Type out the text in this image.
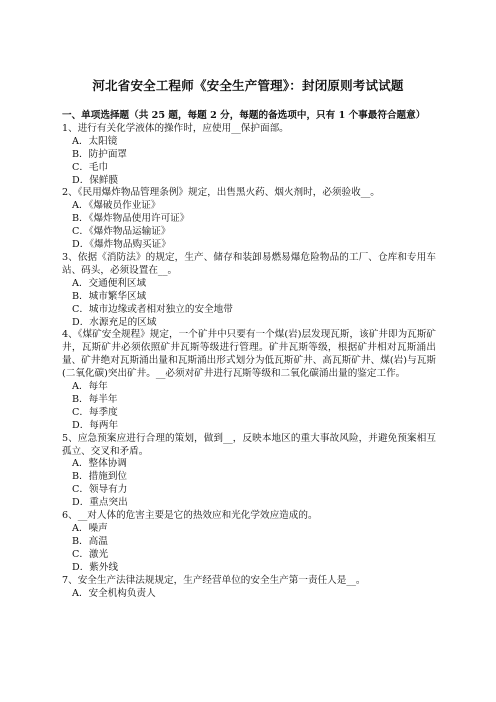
河北省安全工程师《安全生产管理》：封闭原则考试试题
一、单项选择题（共 25 题，每题 2 分，每题的备选项中，只有 1 个事最符合题意）
1、进行有关化学液体的操作时，应使用__保护面部。
A．太阳镜
B．防护面罩
C．毛巾
D．保鲜膜
2、《民用爆炸物品管理条例》规定，出售黑火药、烟火剂时，必须验收__。
A．《爆破员作业证》
B．《爆炸物品使用许可证》
C．《爆炸物品运输证》
D．《爆炸物品购买证》
3、依据《消防法》的规定，生产、储存和装卸易燃易爆危险物品的工厂、仓库和专用车站、码头，必须设置在__。
A．交通便利区域
B．城市繁华区域
C．城市边缘或者相对独立的安全地带
D．水源充足的区域
4、《煤矿安全规程》规定，一个矿井中只要有一个煤(岩)层发现瓦斯，该矿井即为瓦斯矿井，瓦斯矿井必须依照矿井瓦斯等级进行管理。矿井瓦斯等级，根据矿井相对瓦斯涌出量、矿井绝对瓦斯涌出量和瓦斯涌出形式划分为低瓦斯矿井、高瓦斯矿井、煤(岩)与瓦斯(二氧化碳)突出矿井。__必须对矿井进行瓦斯等级和二氧化碳涌出量的鉴定工作。
A．每年
B．每半年
C．每季度
D．每两年
5、应急预案应进行合理的策划，做到__，反映本地区的重大事故风险，并避免预案相互孤立、交叉和矛盾。
A．整体协调
B．措施到位
C．领导有力
D．重点突出
6、__对人体的危害主要是它的热效应和光化学效应造成的。
A．噪声
B．高温
C．激光
D．紫外线
7、安全生产法律法规规定，生产经营单位的安全生产第一责任人是__。
A．安全机构负责人
